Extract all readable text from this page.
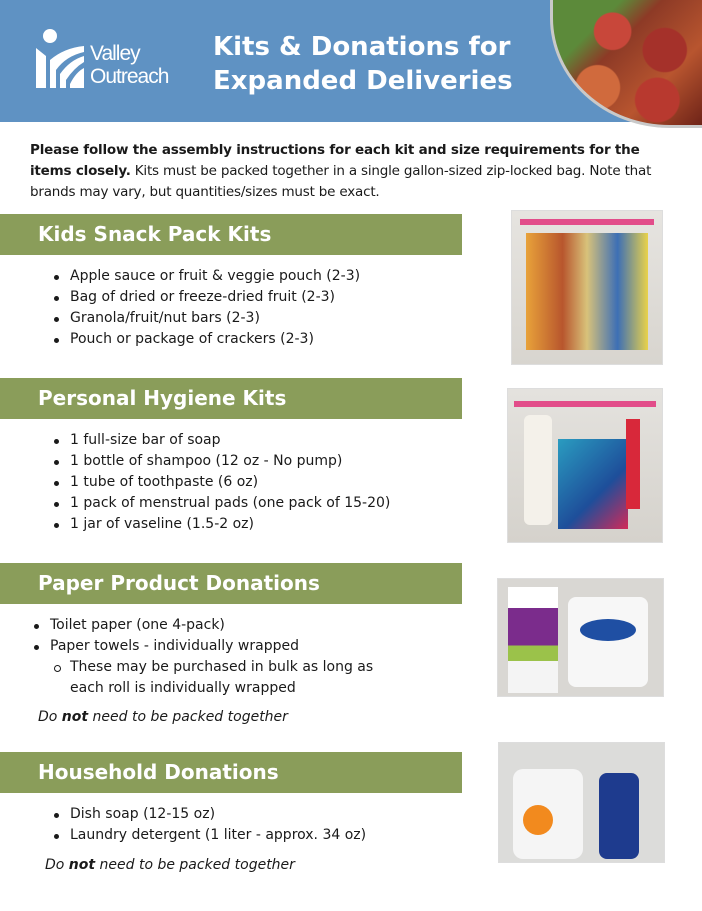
Valley
Outreach
Kits & Donations for
Expanded Deliveries

Please follow the assembly instructions for each kit and size requirements for the items closely. Kits must be packed together in a single gallon-sized zip-locked bag. Note that brands may vary, but quantities/sizes must be exact.

Kids Snack Pack Kits
Apple sauce or fruit & veggie pouch (2-3)
Bag of dried or freeze-dried fruit (2-3)
Granola/fruit/nut bars (2-3)
Pouch or package of crackers (2-3)
Personal Hygiene Kits
1 full-size bar of soap
1 bottle of shampoo (12 oz - No pump)
1 tube of toothpaste (6 oz)
1 pack of menstrual pads (one pack of 15-20)
1 jar of vaseline (1.5-2 oz)
Paper Product Donations
Toilet paper (one 4-pack)
Paper towels - individually wrapped
These may be purchased in bulk as long as each roll is individually wrapped

Do not need to be packed together

Household Donations
Dish soap (12-15 oz)
Laundry detergent (1 liter - approx. 34 oz)

Do not need to be packed together
